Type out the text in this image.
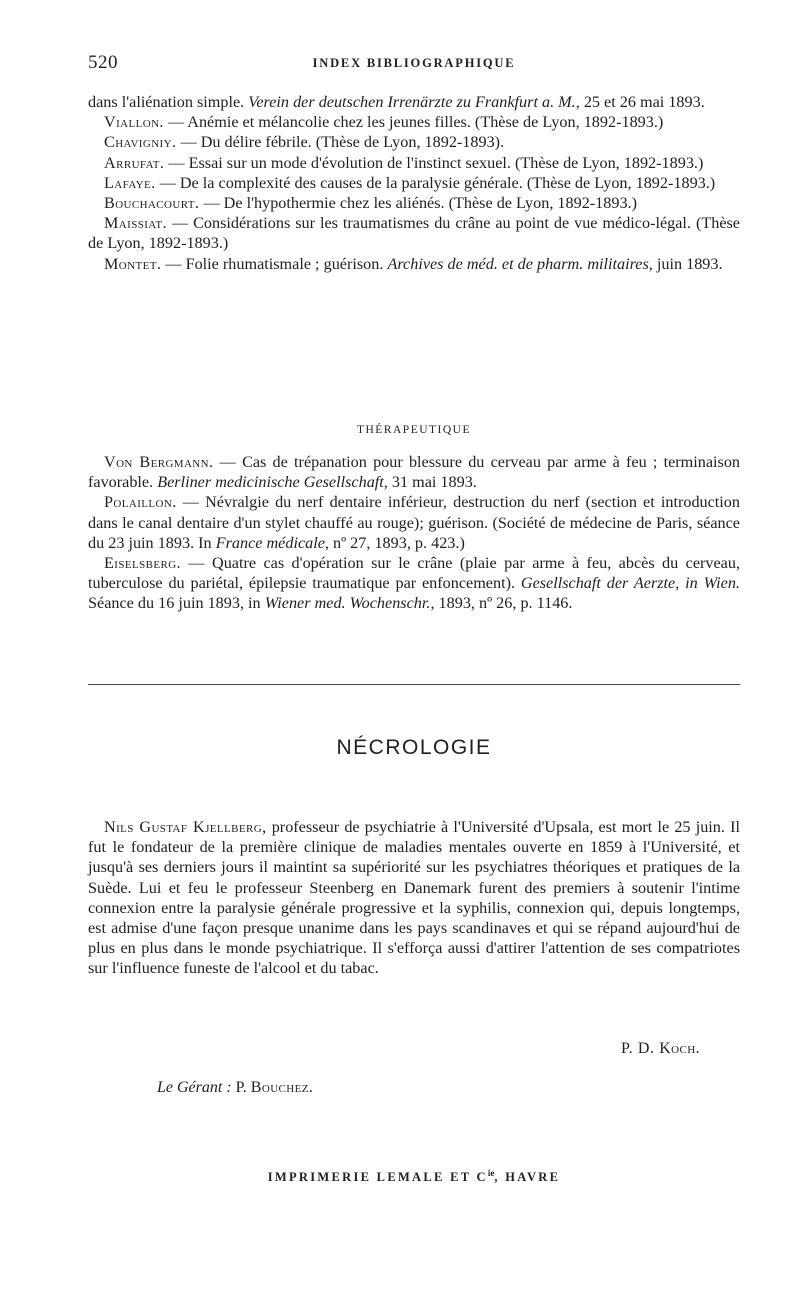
520	INDEX BIBLIOGRAPHIQUE
dans l'aliénation simple. Verein der deutschen Irrenärzte zu Frankfurt a. M., 25 et 26 mai 1893.
Viallon. — Anémie et mélancolie chez les jeunes filles. (Thèse de Lyon, 1892-1893.)
Chavigniy. — Du délire fébrile. (Thèse de Lyon, 1892-1893).
Arrufat. — Essai sur un mode d'évolution de l'instinct sexuel. (Thèse de Lyon, 1892-1893.)
Lafaye. — De la complexité des causes de la paralysie générale. (Thèse de Lyon, 1892-1893.)
Bouchacourt. — De l'hypothermie chez les aliénés. (Thèse de Lyon, 1892-1893.)
Maissiat. — Considérations sur les traumatismes du crâne au point de vue médico-légal. (Thèse de Lyon, 1892-1893.)
Montet. — Folie rhumatismale ; guérison. Archives de méd. et de pharm. militaires, juin 1893.
THÉRAPEUTIQUE
Von Bergmann. — Cas de trépanation pour blessure du cerveau par arme à feu ; terminaison favorable. Berliner medicinische Gesellschaft, 31 mai 1893.
Polaillon. — Névralgie du nerf dentaire inférieur, destruction du nerf (section et introduction dans le canal dentaire d'un stylet chauffé au rouge); guérison. (Société de médecine de Paris, séance du 23 juin 1893. In France médicale, nº 27, 1893, p. 423.)
Eiselsberg. — Quatre cas d'opération sur le crâne (plaie par arme à feu, abcès du cerveau, tuberculose du pariétal, épilepsie traumatique par enfoncement). Gesellschaft der Aerzte, in Wien. Séance du 16 juin 1893, in Wiener med. Wochenschr., 1893, nº 26, p. 1146.
NÉCROLOGIE
Nils Gustaf Kjellberg, professeur de psychiatrie à l'Université d'Upsala, est mort le 25 juin. Il fut le fondateur de la première clinique de maladies mentales ouverte en 1859 à l'Université, et jusqu'à ses derniers jours il maintint sa supériorité sur les psychiatres théoriques et pratiques de la Suède. Lui et feu le professeur Steenberg en Danemark furent des premiers à soutenir l'intime connexion entre la paralysie générale progressive et la syphilis, connexion qui, depuis longtemps, est admise d'une façon presque unanime dans les pays scandinaves et qui se répand aujourd'hui de plus en plus dans le monde psychiatrique. Il s'efforça aussi d'attirer l'attention de ses compatriotes sur l'influence funeste de l'alcool et du tabac.
P. D. Koch.
Le Gérant : P. Bouchez.
IMPRIMERIE LEMALE ET $C^{ie}$, HAVRE
